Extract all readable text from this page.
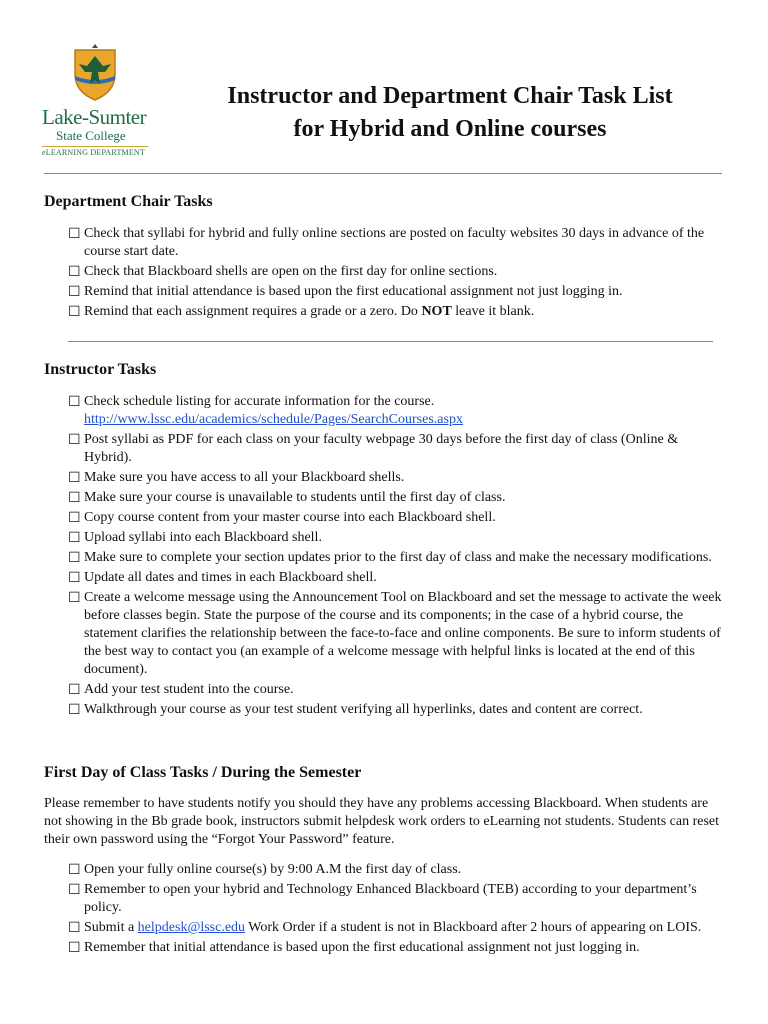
Lake-Sumter
State College
eLEARNING DEPARTMENT
Instructor and Department Chair Task List
for Hybrid and Online courses
Department Chair Tasks
☐ Check that syllabi for hybrid and fully online sections are posted on faculty websites 30 days in advance of the course start date.
☐ Check that Blackboard shells are open on the first day for online sections.
☐ Remind that initial attendance is based upon the first educational assignment not just logging in.
☐ Remind that each assignment requires a grade or a zero. Do NOT leave it blank.
Instructor Tasks
☐ Check schedule listing for accurate information for the course.
http://www.lssc.edu/academics/schedule/Pages/SearchCourses.aspx
☐ Post syllabi as PDF for each class on your faculty webpage 30 days before the first day of class (Online & Hybrid).
☐ Make sure you have access to all your Blackboard shells.
☐ Make sure your course is unavailable to students until the first day of class.
☐ Copy course content from your master course into each Blackboard shell.
☐ Upload syllabi into each Blackboard shell.
☐ Make sure to complete your section updates prior to the first day of class and make the necessary modifications.
☐ Update all dates and times in each Blackboard shell.
☐ Create a welcome message using the Announcement Tool on Blackboard and set the message to activate the week before classes begin. State the purpose of the course and its components; in the case of a hybrid course, the statement clarifies the relationship between the face-to-face and online components. Be sure to inform students of the best way to contact you (an example of a welcome message with helpful links is located at the end of this document).
☐ Add your test student into the course.
☐ Walkthrough your course as your test student verifying all hyperlinks, dates and content are correct.
First Day of Class Tasks / During the Semester
Please remember to have students notify you should they have any problems accessing Blackboard. When students are not showing in the Bb grade book, instructors submit helpdesk work orders to eLearning not students. Students can reset their own password using the “Forgot Your Password” feature.
☐ Open your fully online course(s) by 9:00 A.M the first day of class.
☐ Remember to open your hybrid and Technology Enhanced Blackboard (TEB) according to your department’s policy.
☐ Submit a helpdesk@lssc.edu Work Order if a student is not in Blackboard after 2 hours of appearing on LOIS.
☐ Remember that initial attendance is based upon the first educational assignment not just logging in.
